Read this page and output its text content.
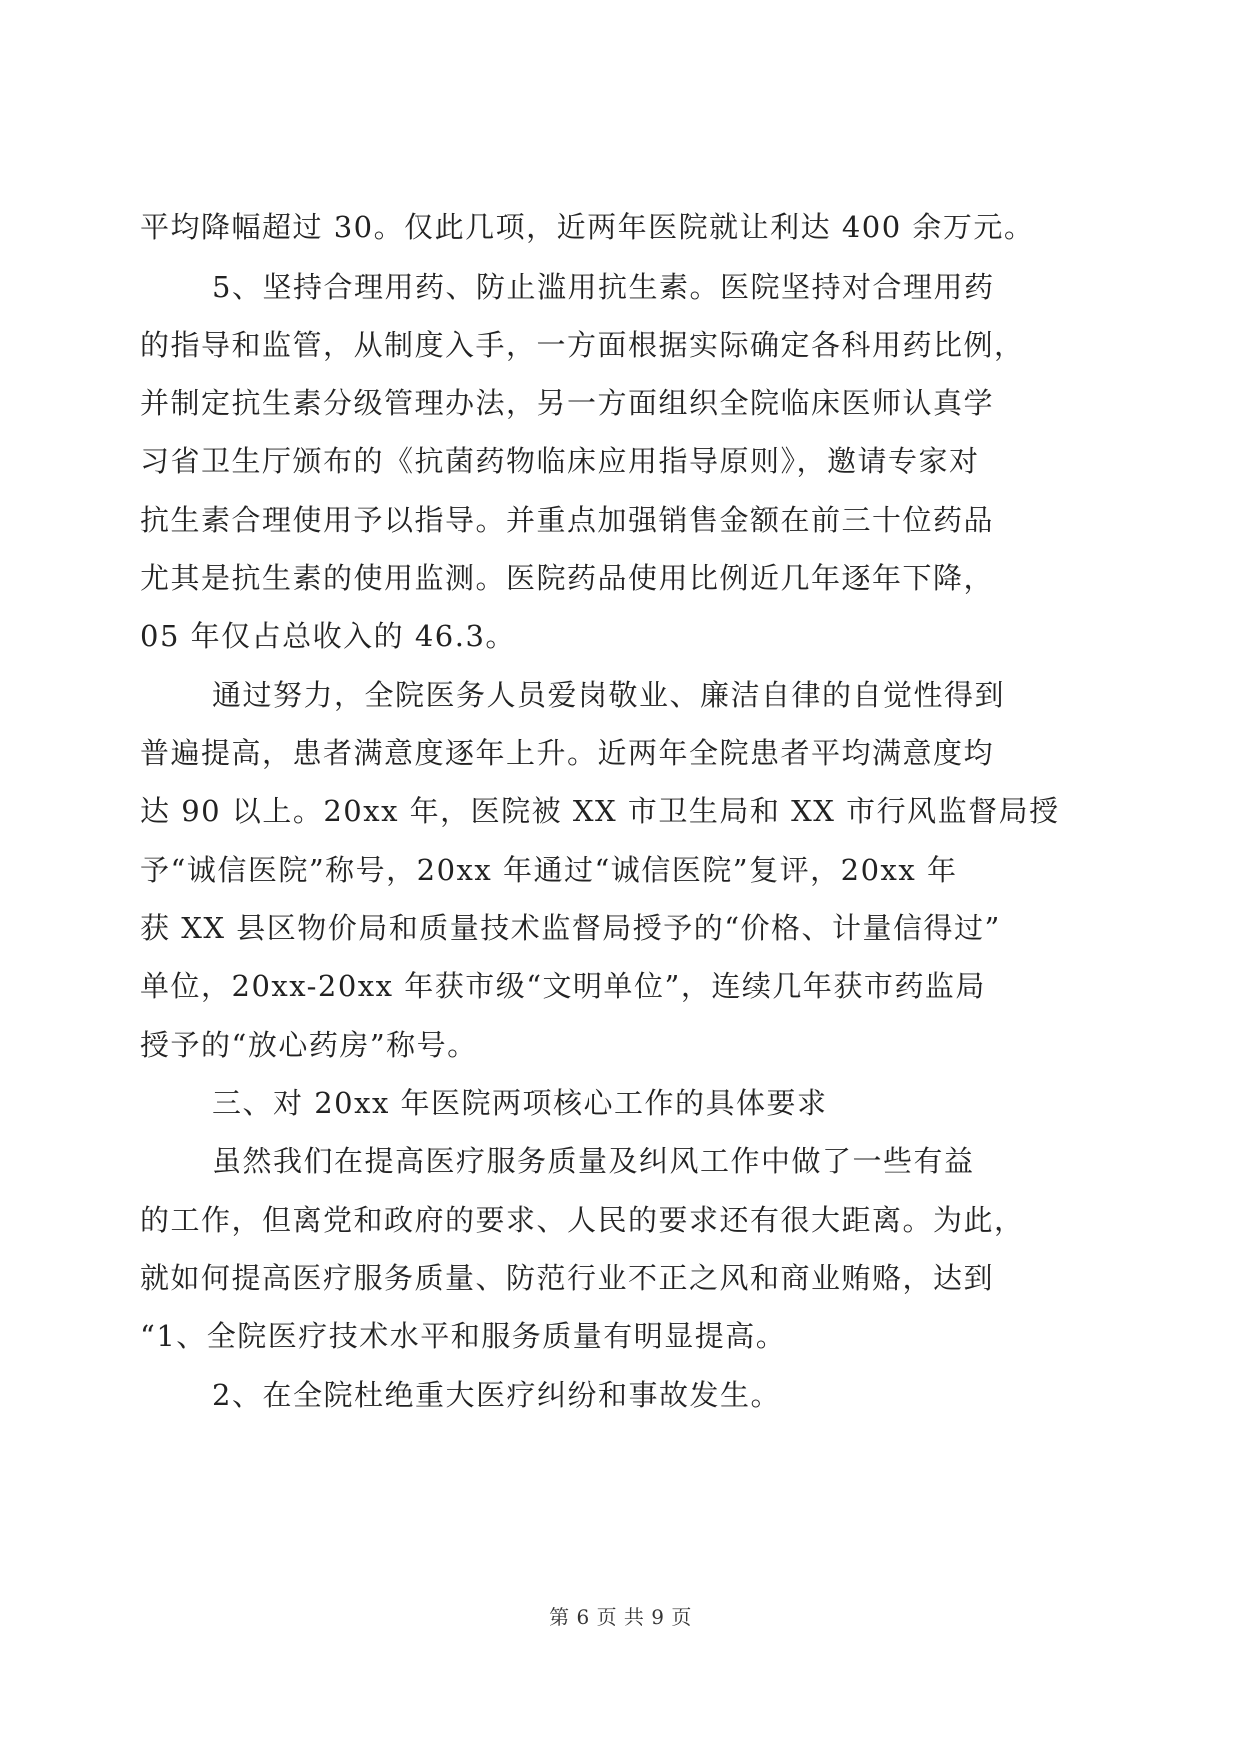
平均降幅超过 30。仅此几项，近两年医院就让利达 400 余万元。
5、坚持合理用药、防止滥用抗生素。医院坚持对合理用药
的指导和监管，从制度入手，一方面根据实际确定各科用药比例，
并制定抗生素分级管理办法，另一方面组织全院临床医师认真学
习省卫生厅颁布的《抗菌药物临床应用指导原则》，邀请专家对
抗生素合理使用予以指导。并重点加强销售金额在前三十位药品
尤其是抗生素的使用监测。医院药品使用比例近几年逐年下降，
05 年仅占总收入的 46.3。
通过努力，全院医务人员爱岗敬业、廉洁自律的自觉性得到
普遍提高，患者满意度逐年上升。近两年全院患者平均满意度均
达 90 以上。20xx 年，医院被 XX 市卫生局和 XX 市行风监督局授
予“诚信医院”称号，20xx 年通过“诚信医院”复评，20xx 年
获 XX 县区物价局和质量技术监督局授予的“价格、计量信得过”
单位，20xx-20xx 年获市级“文明单位”，连续几年获市药监局
授予的“放心药房”称号。
三、对 20xx 年医院两项核心工作的具体要求
虽然我们在提高医疗服务质量及纠风工作中做了一些有益
的工作，但离党和政府的要求、人民的要求还有很大距离。为此，
就如何提高医疗服务质量、防范行业不正之风和商业贿赂，达到
“1、全院医疗技术水平和服务质量有明显提高。
2、在全院杜绝重大医疗纠纷和事故发生。
第 6 页 共 9 页
